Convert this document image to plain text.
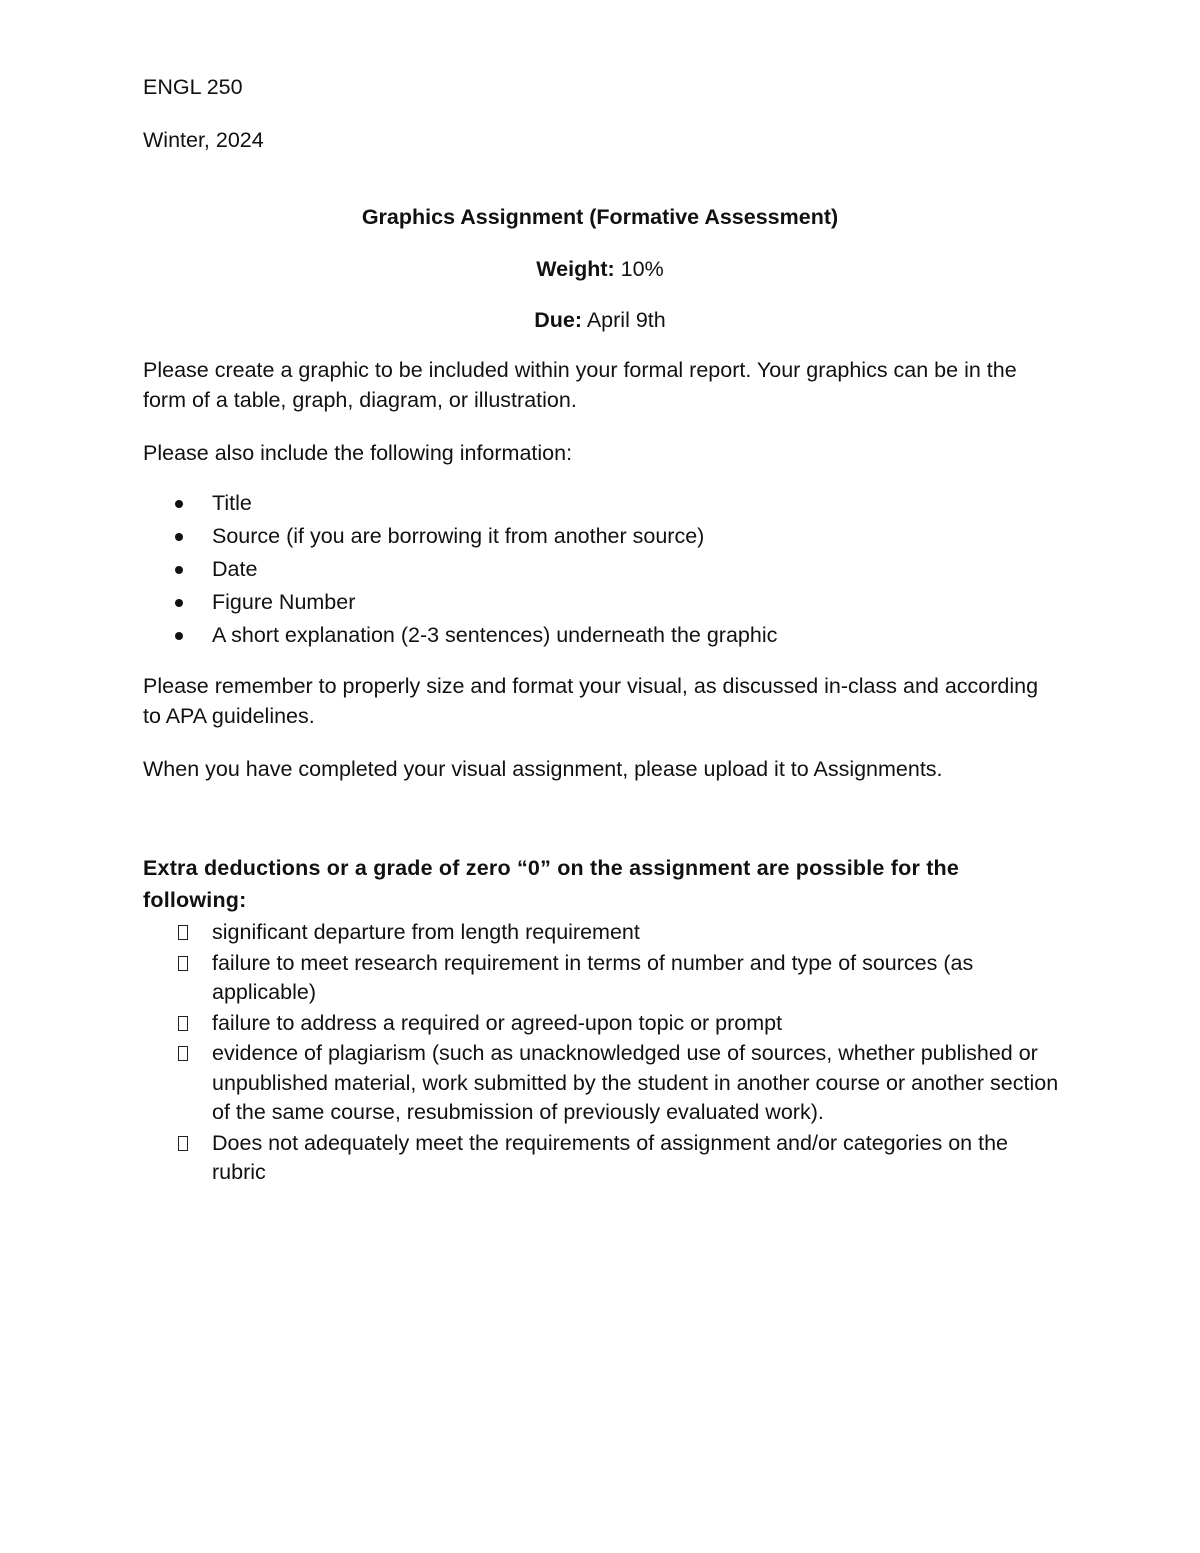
ENGL 250
Winter, 2024
Graphics Assignment (Formative Assessment)
Weight: 10%
Due: April 9th
Please create a graphic to be included within your formal report. Your graphics can be in the form of a table, graph, diagram, or illustration.
Please also include the following information:
Title
Source (if you are borrowing it from another source)
Date
Figure Number
A short explanation (2-3 sentences) underneath the graphic
Please remember to properly size and format your visual, as discussed in-class and according to APA guidelines.
When you have completed your visual assignment, please upload it to Assignments.
Extra deductions or a grade of zero “0” on the assignment are possible for the following:
significant departure from length requirement
failure to meet research requirement in terms of number and type of sources (as applicable)
failure to address a required or agreed-upon topic or prompt
evidence of plagiarism (such as unacknowledged use of sources, whether published or unpublished material, work submitted by the student in another course or another section of the same course, resubmission of previously evaluated work).
Does not adequately meet the requirements of assignment and/or categories on the rubric
